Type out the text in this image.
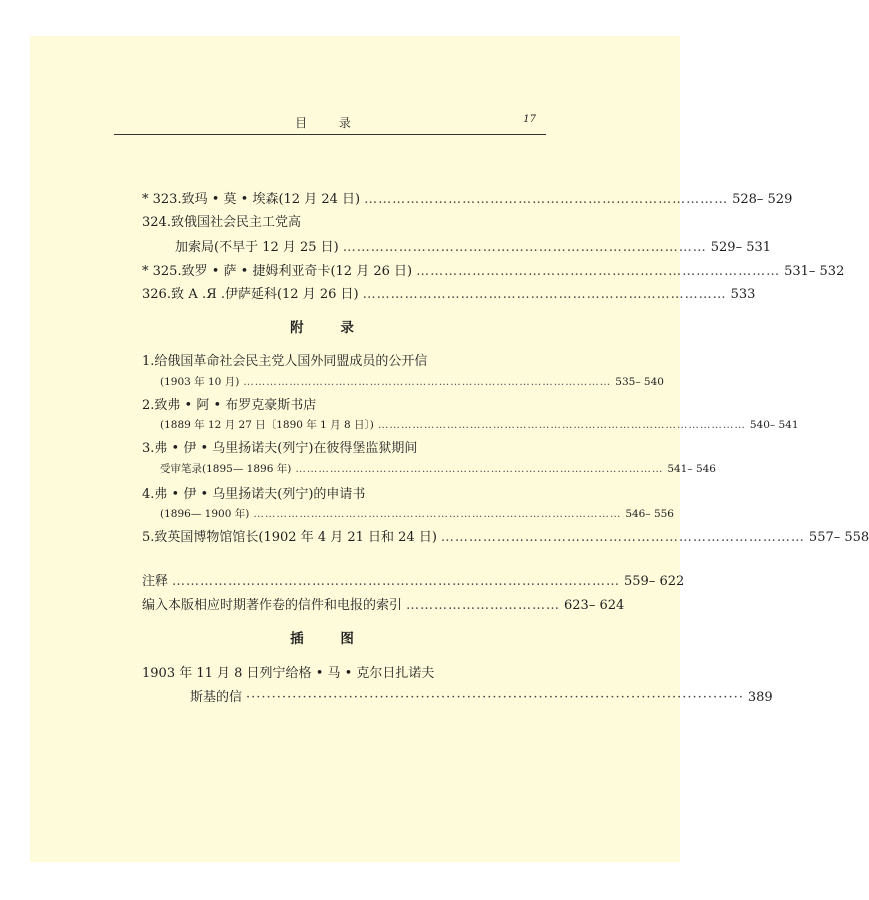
目 录	17
* 323.致玛 • 莫 • 埃森(12 月 24 日) …………………………………………………………………… 528– 529
324.致俄国社会民主工党高
加索局(不早于 12 月 25 日) …………………………………………………………………… 529– 531
* 325.致罗 • 萨 • 捷姆利亚奇卡(12 月 26 日) …………………………………………………………………… 531– 532
326.致 А .Я .伊萨延科(12 月 26 日) …………………………………………………………………… 533
附 录
1.给俄国革命社会民主党人国外同盟成员的公开信
(1903 年 10 月) …………………………………………………………………………………… 535– 540
2.致弗 • 阿 • 布罗克豪斯书店
(1889 年 12 月 27 日〔1890 年 1 月 8 日〕) …………………………………………………………………………………… 540– 541
3.弗 • 伊 • 乌里扬诺夫(列宁)在彼得堡监狱期间
受审笔录(1895— 1896 年) …………………………………………………………………………………… 541– 546
4.弗 • 伊 • 乌里扬诺夫(列宁)的申请书
(1896— 1900 年) …………………………………………………………………………………… 546– 556
5.致英国博物馆馆长(1902 年 4 月 21 日和 24 日) …………………………………………………………………… 557– 558
注释 …………………………………………………………………………………… 559– 622
编入本版相应时期著作卷的信件和电报的索引 …………………………… 623– 624
插 图
1903 年 11 月 8 日列宁给格 • 马 • 克尔日扎诺夫
斯基的信 ································································································· 389
